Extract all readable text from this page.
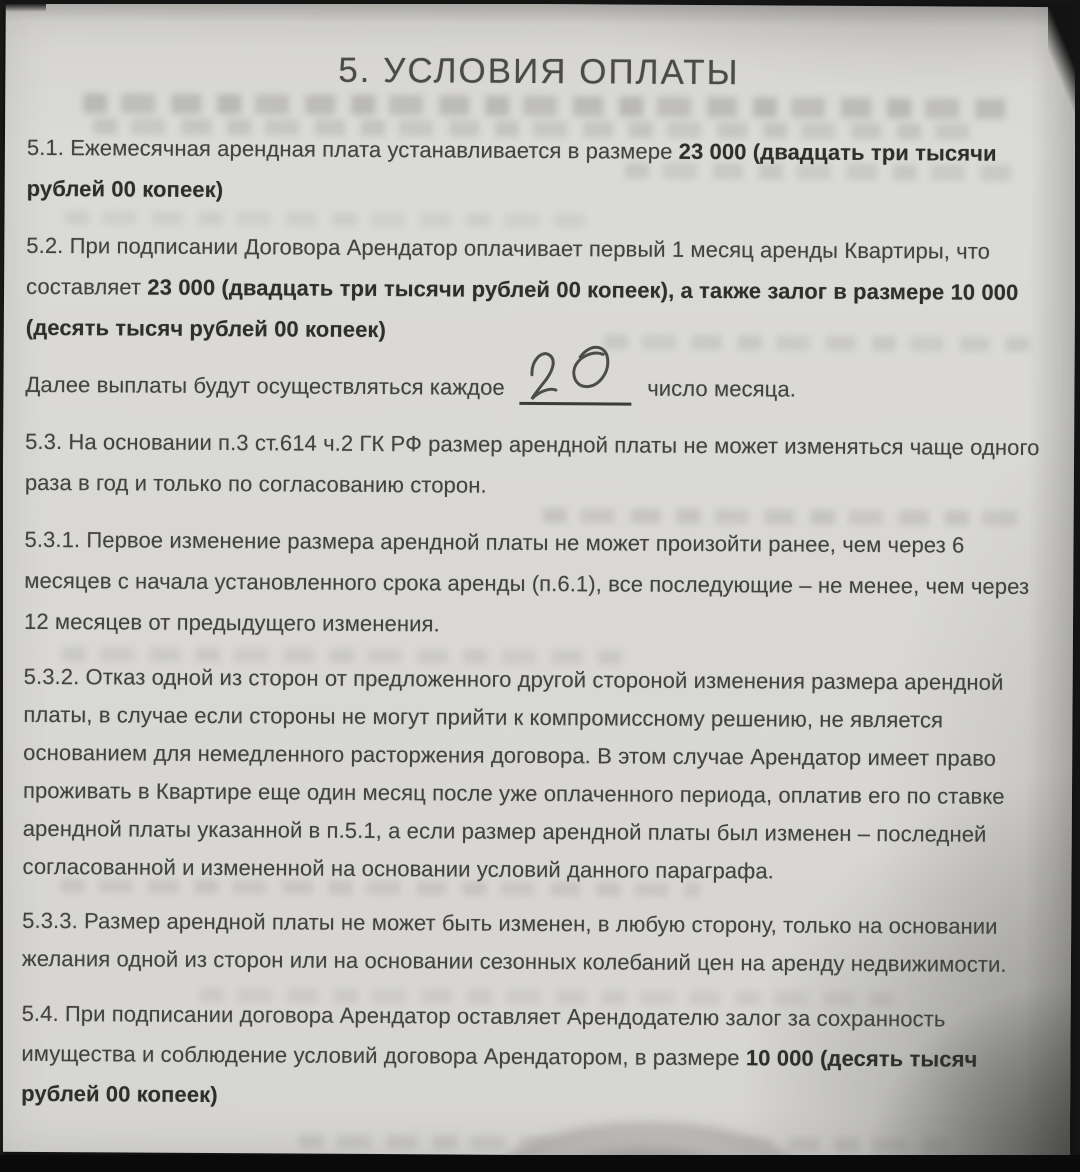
5. УСЛОВИЯ ОПЛАТЫ

5.1. Ежемесячная арендная плата устанавливается в размере 23 000 (двадцать три тысячи рублей 00 копеек)

5.2. При подписании Договора Арендатор оплачивает первый 1 месяц аренды Квартиры, что составляет 23 000 (двадцать три тысячи рублей 00 копеек), а также залог в размере 10 000 (десять тысяч рублей 00 копеек)

Далее выплаты будут осуществляться каждое
	число месяца.

5.3. На основании п.3 ст.614 ч.2 ГК РФ размер арендной платы не может изменяться чаще одного раза в год и только по согласованию сторон.

5.3.1. Первое изменение размера арендной платы не может произойти ранее, чем через 6 месяцев с начала установленного срока аренды (п.6.1), все последующие – не менее, чем через 12 месяцев от предыдущего изменения.

5.3.2. Отказ одной из сторон от предложенного другой стороной изменения размера арендной платы, в случае если стороны не могут прийти к компромиссному решению, не является основанием для немедленного расторжения договора. В этом случае Арендатор имеет право проживать в Квартире еще один месяц после уже оплаченного периода, оплатив его по ставке арендной платы указанной в п.5.1, а если размер арендной платы был изменен – последней согласованной и измененной на основании условий данного параграфа.

5.3.3. Размер арендной платы не может быть изменен, в любую сторону, только на основании желания одной из сторон или на основании сезонных колебаний цен на аренду недвижимости.

5.4. При подписании договора Арендатор оставляет Арендодателю залог за сохранность имущества и соблюдение условий договора Арендатором, в размере 10 000 (десять тысяч рублей 00 копеек)
